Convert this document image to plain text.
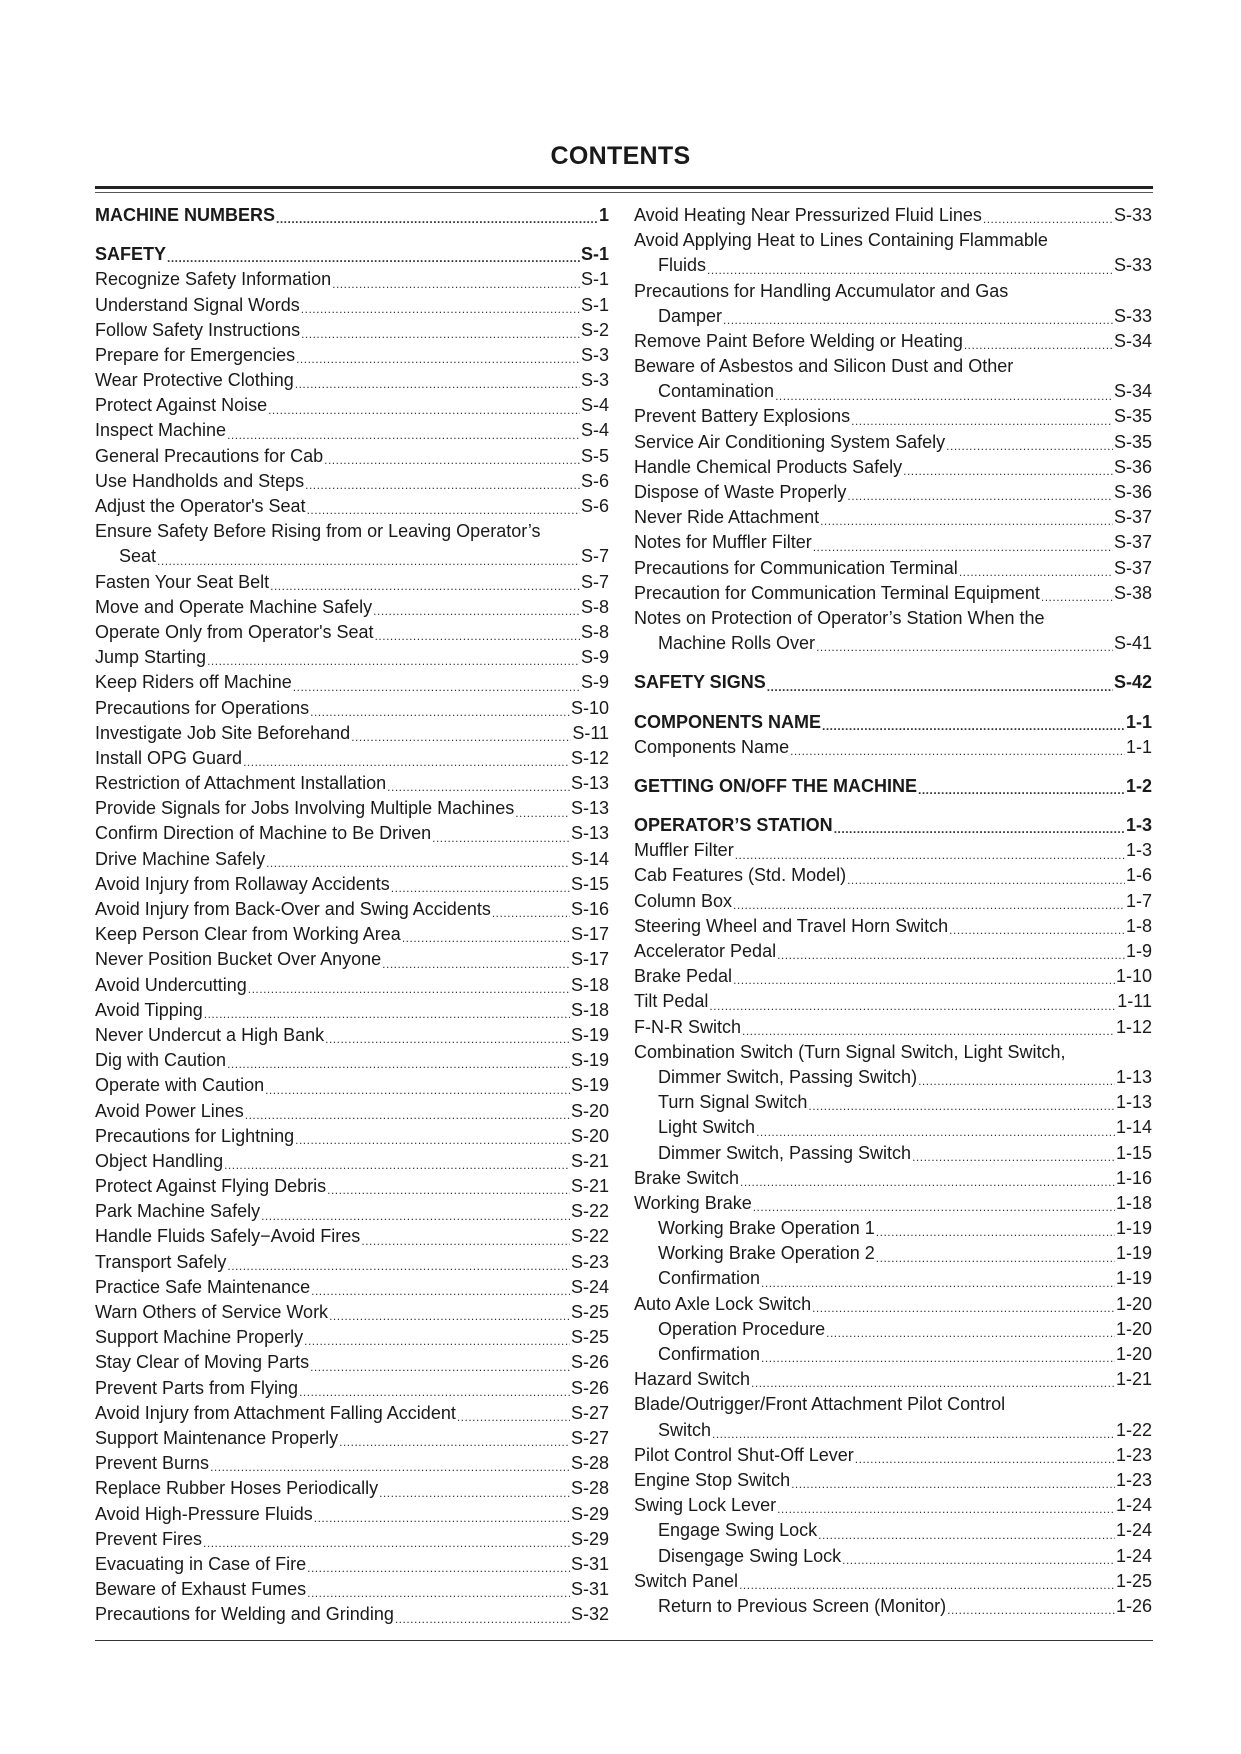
CONTENTS
MACHINE NUMBERS .....	1
SAFETY .....	S-1
Recognize Safety Information .....	S-1
Understand Signal Words .....	S-1
Follow Safety Instructions .....	S-2
Prepare for Emergencies .....	S-3
Wear Protective Clothing .....	S-3
Protect Against Noise .....	S-4
Inspect Machine .....	S-4
General Precautions for Cab .....	S-5
Use Handholds and Steps .....	S-6
Adjust the Operator's Seat .....	S-6
Ensure Safety Before Rising from or Leaving Operator’s
Seat .....	S-7
Fasten Your Seat Belt .....	S-7
Move and Operate Machine Safely .....	S-8
Operate Only from Operator's Seat .....	S-8
Jump Starting .....	S-9
Keep Riders off Machine .....	S-9
Precautions for Operations .....	S-10
Investigate Job Site Beforehand .....	S-11
Install OPG Guard .....	S-12
Restriction of Attachment Installation .....	S-13
Provide Signals for Jobs Involving Multiple Machines .....	S-13
Confirm Direction of Machine to Be Driven .....	S-13
Drive Machine Safely .....	S-14
Avoid Injury from Rollaway Accidents .....	S-15
Avoid Injury from Back-Over and Swing Accidents .....	S-16
Keep Person Clear from Working Area .....	S-17
Never Position Bucket Over Anyone .....	S-17
Avoid Undercutting .....	S-18
Avoid Tipping .....	S-18
Never Undercut a High Bank .....	S-19
Dig with Caution .....	S-19
Operate with Caution .....	S-19
Avoid Power Lines .....	S-20
Precautions for Lightning .....	S-20
Object Handling .....	S-21
Protect Against Flying Debris .....	S-21
Park Machine Safely .....	S-22
Handle Fluids Safely−Avoid Fires .....	S-22
Transport Safely .....	S-23
Practice Safe Maintenance .....	S-24
Warn Others of Service Work .....	S-25
Support Machine Properly .....	S-25
Stay Clear of Moving Parts .....	S-26
Prevent Parts from Flying .....	S-26
Avoid Injury from Attachment Falling Accident .....	S-27
Support Maintenance Properly .....	S-27
Prevent Burns .....	S-28
Replace Rubber Hoses Periodically .....	S-28
Avoid High-Pressure Fluids .....	S-29
Prevent Fires .....	S-29
Evacuating in Case of Fire .....	S-31
Beware of Exhaust Fumes .....	S-31
Precautions for Welding and Grinding .....	S-32
Avoid Heating Near Pressurized Fluid Lines .....	S-33
Avoid Applying Heat to Lines Containing Flammable
Fluids .....	S-33
Precautions for Handling Accumulator and Gas
Damper .....	S-33
Remove Paint Before Welding or Heating .....	S-34
Beware of Asbestos and Silicon Dust and Other
Contamination .....	S-34
Prevent Battery Explosions .....	S-35
Service Air Conditioning System Safely .....	S-35
Handle Chemical Products Safely .....	S-36
Dispose of Waste Properly .....	S-36
Never Ride Attachment .....	S-37
Notes for Muffler Filter .....	S-37
Precautions for Communication Terminal .....	S-37
Precaution for Communication Terminal Equipment .....	S-38
Notes on Protection of Operator’s Station When the
Machine Rolls Over .....	S-41
SAFETY SIGNS .....	S-42
COMPONENTS NAME .....	1-1
Components Name .....	1-1
GETTING ON/OFF THE MACHINE .....	1-2
OPERATOR’S STATION .....	1-3
Muffler Filter .....	1-3
Cab Features (Std. Model) .....	1-6
Column Box .....	1-7
Steering Wheel and Travel Horn Switch .....	1-8
Accelerator Pedal .....	1-9
Brake Pedal .....	1-10
Tilt Pedal .....	1-11
F-N-R Switch .....	1-12
Combination Switch (Turn Signal Switch, Light Switch,
Dimmer Switch, Passing Switch) .....	1-13
Turn Signal Switch .....	1-13
Light Switch .....	1-14
Dimmer Switch, Passing Switch .....	1-15
Brake Switch .....	1-16
Working Brake .....	1-18
Working Brake Operation 1 .....	1-19
Working Brake Operation 2 .....	1-19
Confirmation .....	1-19
Auto Axle Lock Switch .....	1-20
Operation Procedure .....	1-20
Confirmation .....	1-20
Hazard Switch .....	1-21
Blade/Outrigger/Front Attachment Pilot Control
Switch .....	1-22
Pilot Control Shut-Off Lever .....	1-23
Engine Stop Switch .....	1-23
Swing Lock Lever .....	1-24
Engage Swing Lock .....	1-24
Disengage Swing Lock .....	1-24
Switch Panel .....	1-25
Return to Previous Screen (Monitor) .....	1-26
